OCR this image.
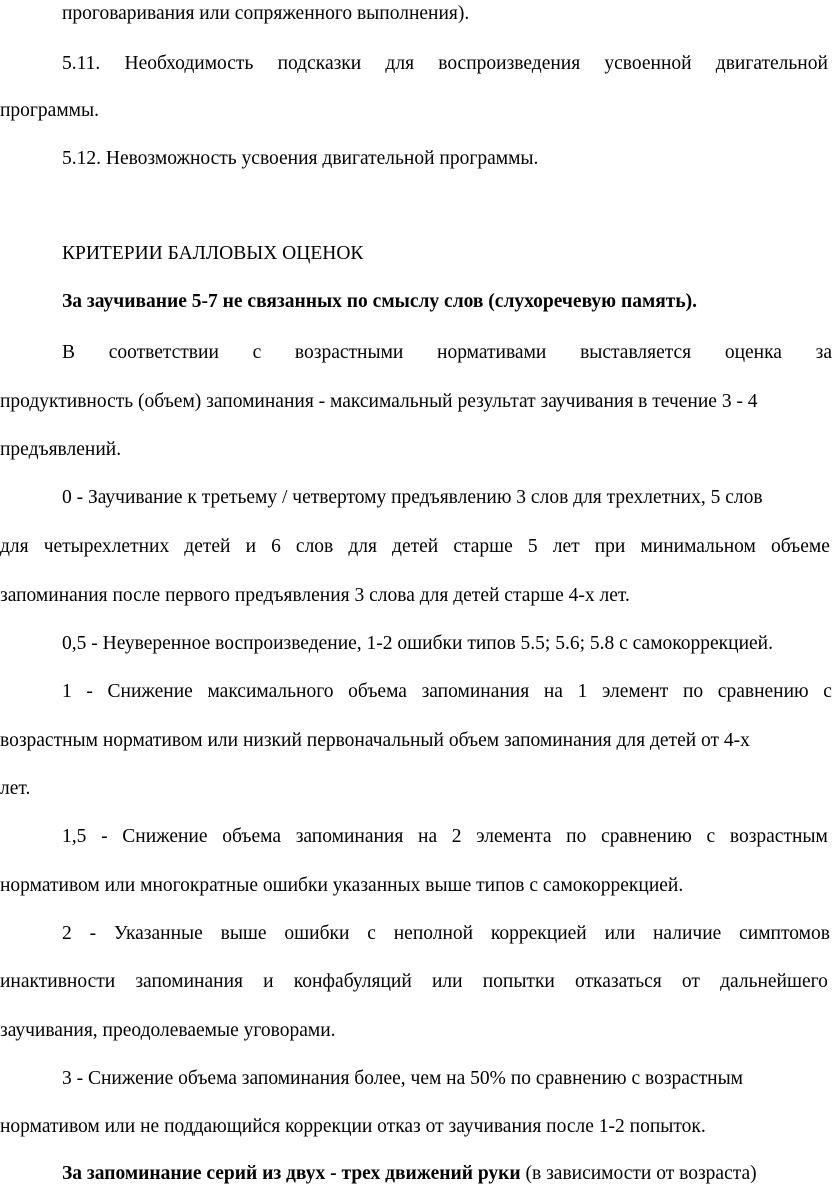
проговаривания или сопряженного выполнения).
5.11. Необходимость подсказки для воспроизведения усвоенной двигательной
программы.
5.12. Невозможность усвоения двигательной программы.
КРИТЕРИИ БАЛЛОВЫХ ОЦЕНОК
За заучивание 5-7 не связанных по смыслу слов (слухоречевую память).
В соответствии с возрастными нормативами выставляется оценка за
продуктивность (объем) запоминания - максимальный результат заучивания в течение 3 - 4
предъявлений.
0 - Заучивание к третьему / четвертому предъявлению 3 слов для трехлетних, 5 слов
для четырехлетних детей и 6 слов для детей старше 5 лет при минимальном объеме
запоминания после первого предъявления 3 слова для детей старше 4-х лет.
0,5 - Неуверенное воспроизведение, 1-2 ошибки типов 5.5; 5.6; 5.8 с самокоррекцией.
1 - Снижение максимального объема запоминания на 1 элемент по сравнению с
возрастным нормативом или низкий первоначальный объем запоминания для детей от 4-х
лет.
1,5 - Снижение объема запоминания на 2 элемента по сравнению с возрастным
нормативом или многократные ошибки указанных выше типов с самокоррекцией.
2 - Указанные выше ошибки с неполной коррекцией или наличие симптомов
инактивности запоминания и конфабуляций или попытки отказаться от дальнейшего
заучивания, преодолеваемые уговорами.
3 - Снижение объема запоминания более, чем на 50% по сравнению с возрастным
нормативом или не поддающийся коррекции отказ от заучивания после 1-2 попыток.
За запоминание серий из двух - трех движений руки (в зависимости от возраста)
